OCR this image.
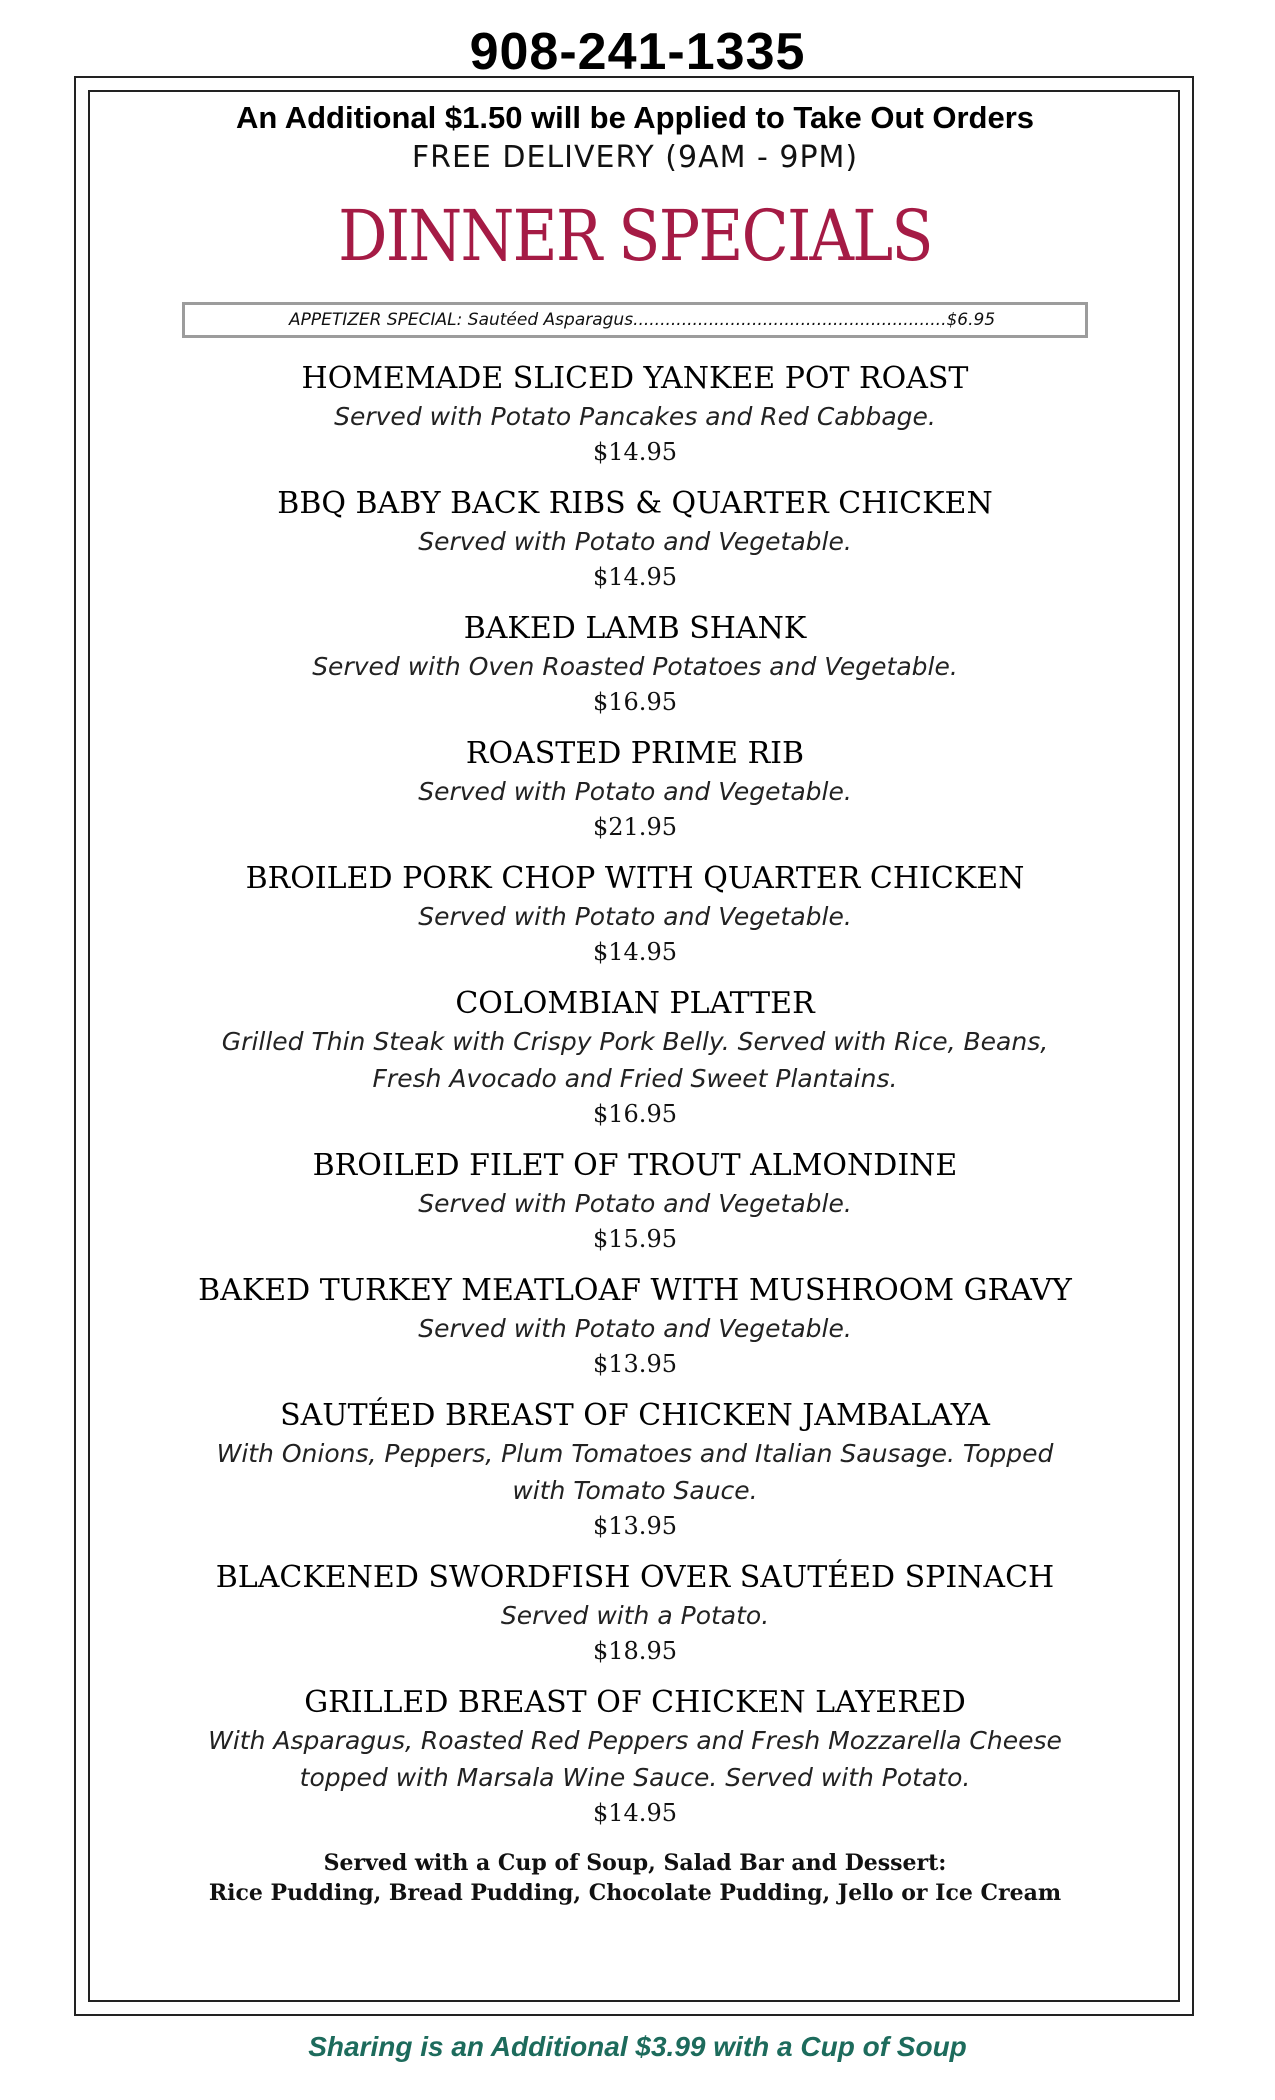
908-241-1335
An Additional $1.50 will be Applied to Take Out Orders
FREE DELIVERY (9AM - 9PM)
DINNER SPECIALS
APPETIZER SPECIAL: Sautéed Asparagus..........................................................$6.95
HOMEMADE SLICED YANKEE POT ROAST
Served with Potato Pancakes and Red Cabbage.
$14.95
BBQ BABY BACK RIBS & QUARTER CHICKEN
Served with Potato and Vegetable.
$14.95
BAKED LAMB SHANK
Served with Oven Roasted Potatoes and Vegetable.
$16.95
ROASTED PRIME RIB
Served with Potato and Vegetable.
$21.95
BROILED PORK CHOP WITH QUARTER CHICKEN
Served with Potato and Vegetable.
$14.95
COLOMBIAN PLATTER
Grilled Thin Steak with Crispy Pork Belly. Served with Rice, Beans,
Fresh Avocado and Fried Sweet Plantains.
$16.95
BROILED FILET OF TROUT ALMONDINE
Served with Potato and Vegetable.
$15.95
BAKED TURKEY MEATLOAF WITH MUSHROOM GRAVY
Served with Potato and Vegetable.
$13.95
SAUTÉED BREAST OF CHICKEN JAMBALAYA
With Onions, Peppers, Plum Tomatoes and Italian Sausage. Topped
with Tomato Sauce.
$13.95
BLACKENED SWORDFISH OVER SAUTÉED SPINACH
Served with a Potato.
$18.95
GRILLED BREAST OF CHICKEN LAYERED
With Asparagus, Roasted Red Peppers and Fresh Mozzarella Cheese
topped with Marsala Wine Sauce. Served with Potato.
$14.95
Served with a Cup of Soup, Salad Bar and Dessert:
Rice Pudding, Bread Pudding, Chocolate Pudding, Jello or Ice Cream
Sharing is an Additional $3.99 with a Cup of Soup
